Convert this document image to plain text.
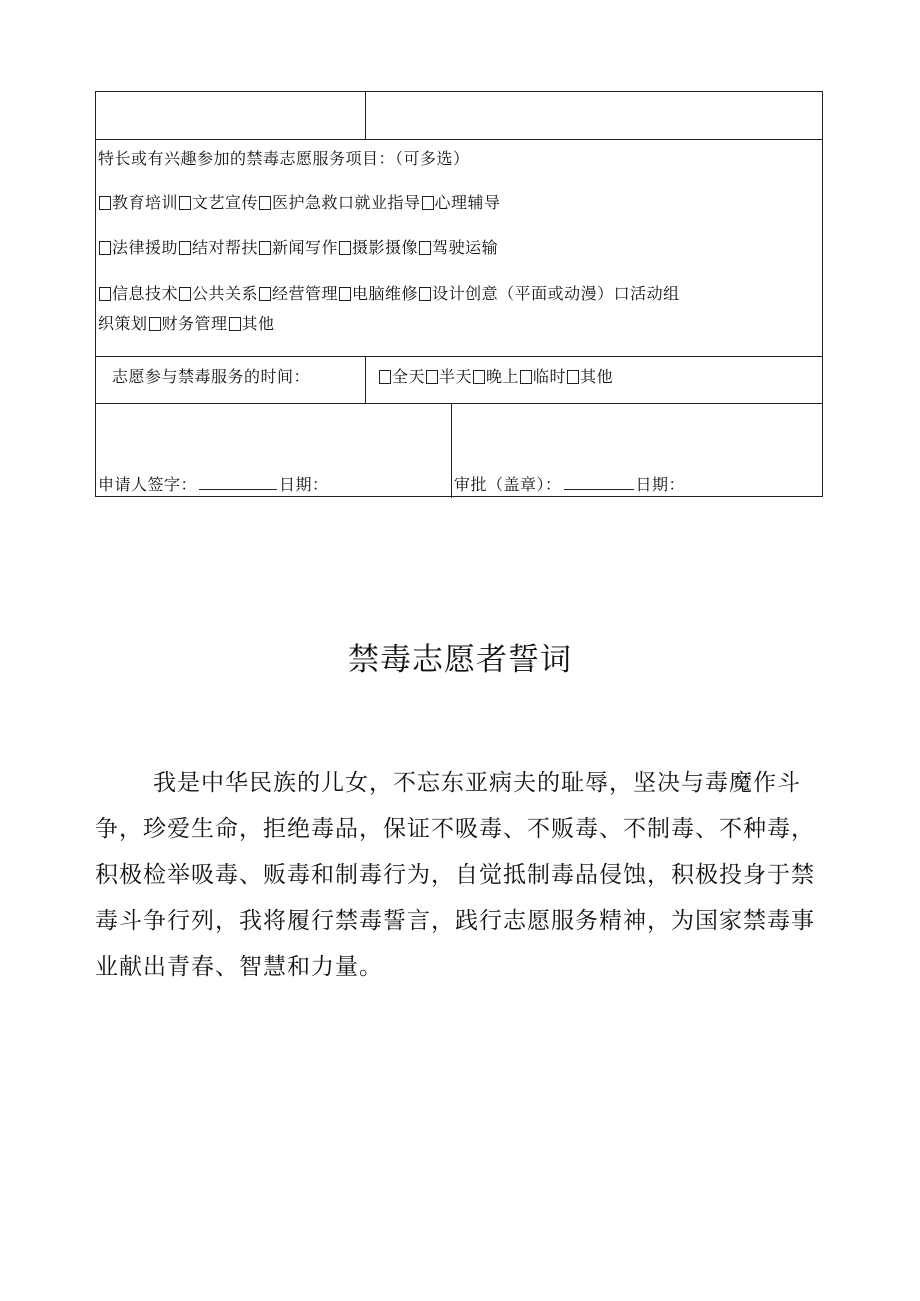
特长或有兴趣参加的禁毒志愿服务项目：（可多选）
教育培训 文艺宣传 医护急救口就业指导 心理辅导
法律援助 结对帮扶 新闻写作 摄影摄像 驾驶运输
信息技术 公共关系 经营管理 电脑维修 设计创意（平面或动漫）口活动组
织策划 财务管理 其他
志愿参与禁毒服务的时间：	全天 半天 晚上 临时 其他
申请人签字：	日期：	审批（盖章）：	日期：
禁毒志愿者誓词
我是中华民族的儿女，不忘东亚病夫的耻辱，坚决与毒魔作斗争，珍爱生命，拒绝毒品，保证不吸毒、不贩毒、不制毒、不种毒，积极检举吸毒、贩毒和制毒行为，自觉抵制毒品侵蚀，积极投身于禁毒斗争行列，我将履行禁毒誓言，践行志愿服务精神，为国家禁毒事业献出青春、智慧和力量。
